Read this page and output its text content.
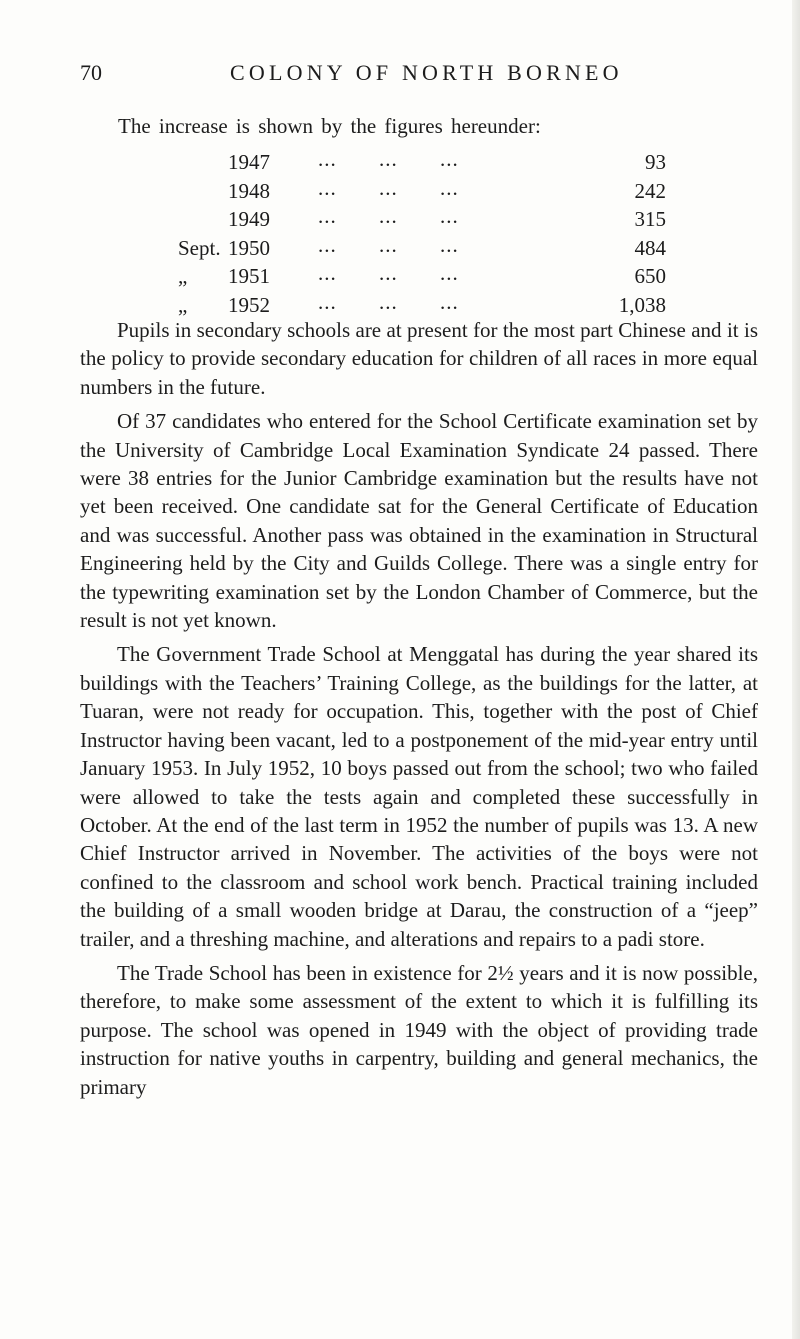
70	COLONY OF NORTH BORNEO
The increase is shown by the figures hereunder:
1947 ... ... ...	93
1948 ... ... ...	242
1949 ... ... ...	315
Sept. 1950 ... ... ...	484
„	1951 ... ... ...	650
„	1952 ... ... ...	1,038

Pupils in secondary schools are at present for the most part Chinese and it is the policy to provide secondary education for children of all races in more equal numbers in the future.

Of 37 candidates who entered for the School Certificate examination set by the University of Cambridge Local Examination Syndicate 24 passed. There were 38 entries for the Junior Cambridge examination but the results have not yet been received. One candidate sat for the General Certificate of Education and was successful. Another pass was obtained in the examination in Structural Engineering held by the City and Guilds College. There was a single entry for the typewriting examination set by the London Chamber of Commerce, but the result is not yet known.

The Government Trade School at Menggatal has during the year shared its buildings with the Teachers’ Training College, as the buildings for the latter, at Tuaran, were not ready for occupation. This, together with the post of Chief Instructor having been vacant, led to a postponement of the mid-year entry until January 1953. In July 1952, 10 boys passed out from the school; two who failed were allowed to take the tests again and completed these successfully in October. At the end of the last term in 1952 the number of pupils was 13. A new Chief Instructor arrived in November. The activities of the boys were not confined to the classroom and school work bench. Practical training included the building of a small wooden bridge at Darau, the construction of a “jeep” trailer, and a threshing machine, and alterations and repairs to a padi store.

The Trade School has been in existence for 2½ years and it is now possible, therefore, to make some assessment of the extent to which it is fulfilling its purpose. The school was opened in 1949 with the object of providing trade instruction for native youths in carpentry, building and general mechanics, the primary
